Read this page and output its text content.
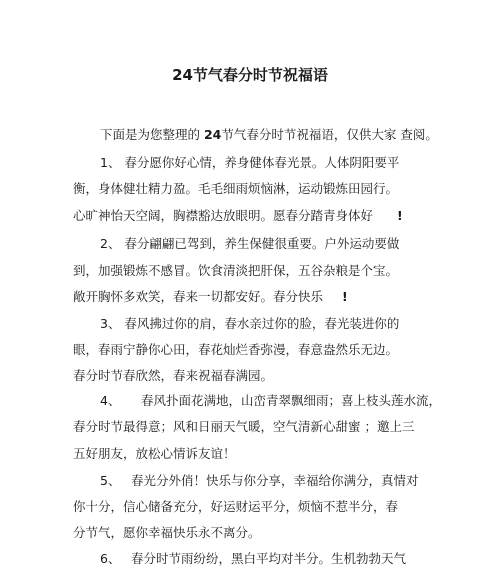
24节气春分时节祝福语
下面是为您整理的 24节气春分时节祝福语，仅供大家 查阅。
1、 春分愿你好心情，养身健体春光景。人体阴阳要平
衡，身体健壮精力盈。毛毛细雨烦恼淋，运动锻炼田园行。
心旷神怡天空阔，胸襟豁达放眼明。愿春分踏青身体好 !
2、 春分翩翩已驾到，养生保健很重要。户外运动要做
到，加强锻炼不感冒。饮食清淡把肝保，五谷杂粮是个宝。
敞开胸怀多欢笑，春来一切都安好。春分快乐 !
3、 春风拂过你的肩，春水亲过你的脸，春光装进你的
眼，春雨宁静你心田，春花灿烂香弥漫，春意盎然乐无边。
春分时节春欣然，春来祝福春满园。
4、 春风扑面花满地，山峦青翠飘细雨；喜上枝头莲水流，
春分时节最得意；风和日丽天气暖，空气清新心甜蜜 ；邀上三
五好朋友，放松心情诉友谊！
5、 春光分外俏！快乐与你分享，幸福给你满分，真情对
你十分，信心储备充分，好运财运平分，烦恼不惹半分，春
分节气，愿你幸福快乐永不离分。
6、 春分时节雨纷纷，黑白平均对半分。生机勃勃天气
